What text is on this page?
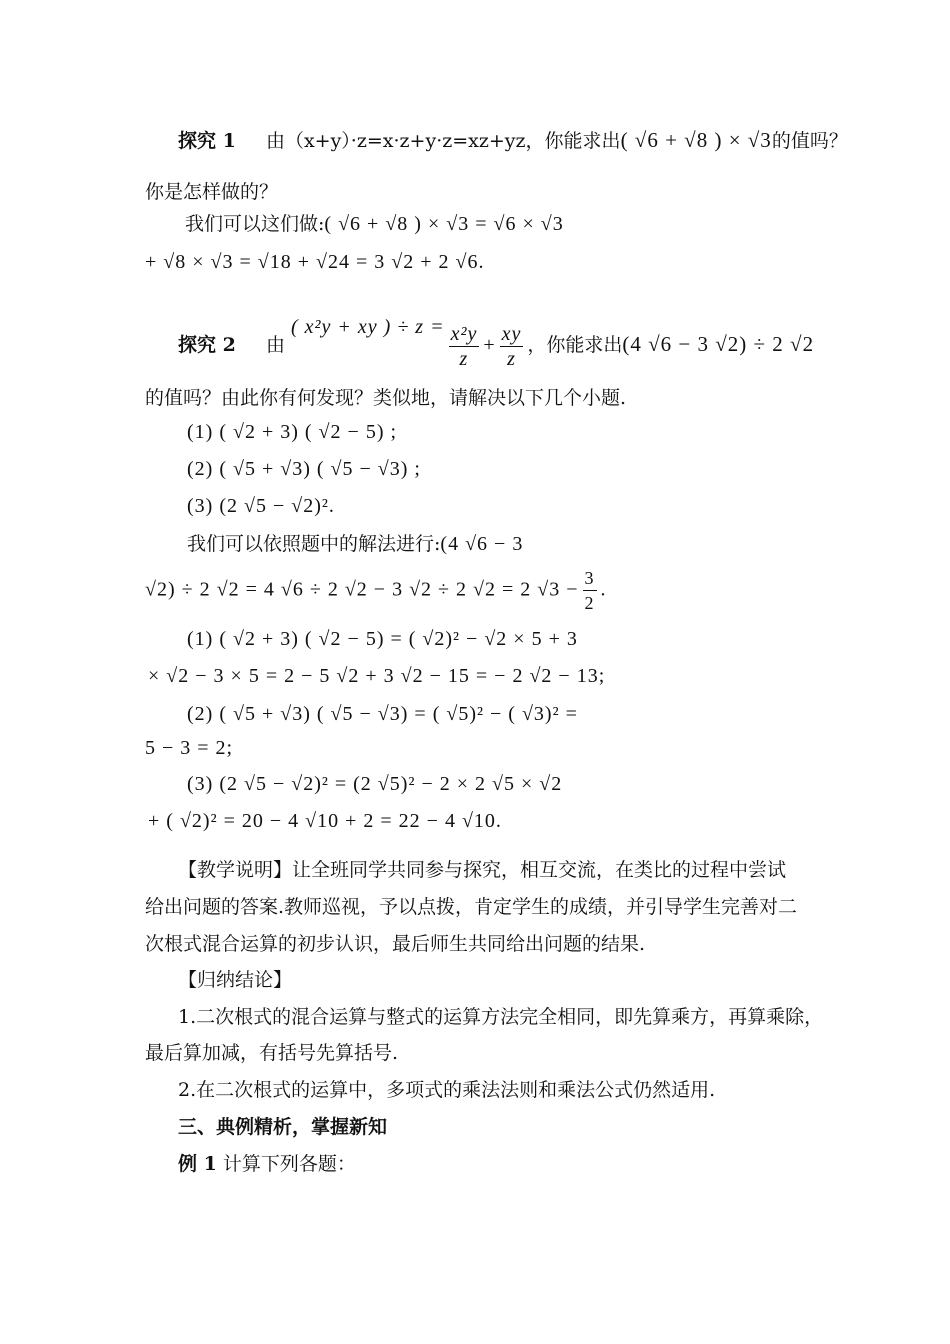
探究 1 由（x+y）·z=x·z+y·z=xz+yz，你能求出( √6 + √8 ) × √3的值吗？
你是怎样做的？
我们可以这们做:( √6 + √8 ) × √3 = √6 × √3
+ √8 × √3 = √18 + √24 = 3 √2 + 2 √6.
探究 2 由 ( x²y + xy ) ÷ $z = \frac{\text{x²y}}{z} + \frac{xy}{z}$ ，你能求出(4 √6 − 3 √2) ÷ 2 √2
的值吗？由此你有何发现？类似地，请解决以下几个小题.
(1) ( √2 + 3) ( √2 − 5) ;
(2) ( √5 + √3) ( √5 − √3) ;
(3) (2 √5 − √2)².
我们可以依照题中的解法进行:(4 √6 − 3
√2) ÷ 2 √2 = 4 √6 ÷ 2 √2 − 3 √2 ÷ 2 √2 = 2 $√3 - \frac{3}{2}$ .
(1) ( √2 + 3) ( √2 − 5) = ( √2)² − √2 × 5 + 3
× √2 − 3 × 5 = 2 − 5 √2 + 3 √2 − 15 = − 2 √2 − 13;
(2) ( √5 + √3) ( √5 − √3) = ( √5)² − ( √3)² =
5 − 3 = 2;
(3) (2 √5 − √2)² = (2 √5)² − 2 × 2 √5 × √2
+ ( √2)² = 20 − 4 √10 + 2 = 22 − 4 √10.
【教学说明】让全班同学共同参与探究，相互交流，在类比的过程中尝试
给出问题的答案.教师巡视，予以点拨，肯定学生的成绩，并引导学生完善对二
次根式混合运算的初步认识，最后师生共同给出问题的结果.
【归纳结论】
1.二次根式的混合运算与整式的运算方法完全相同，即先算乘方，再算乘除，
最后算加减，有括号先算括号.
2.在二次根式的运算中，多项式的乘法法则和乘法公式仍然适用.
三、典例精析，掌握新知
例 1 计算下列各题：
